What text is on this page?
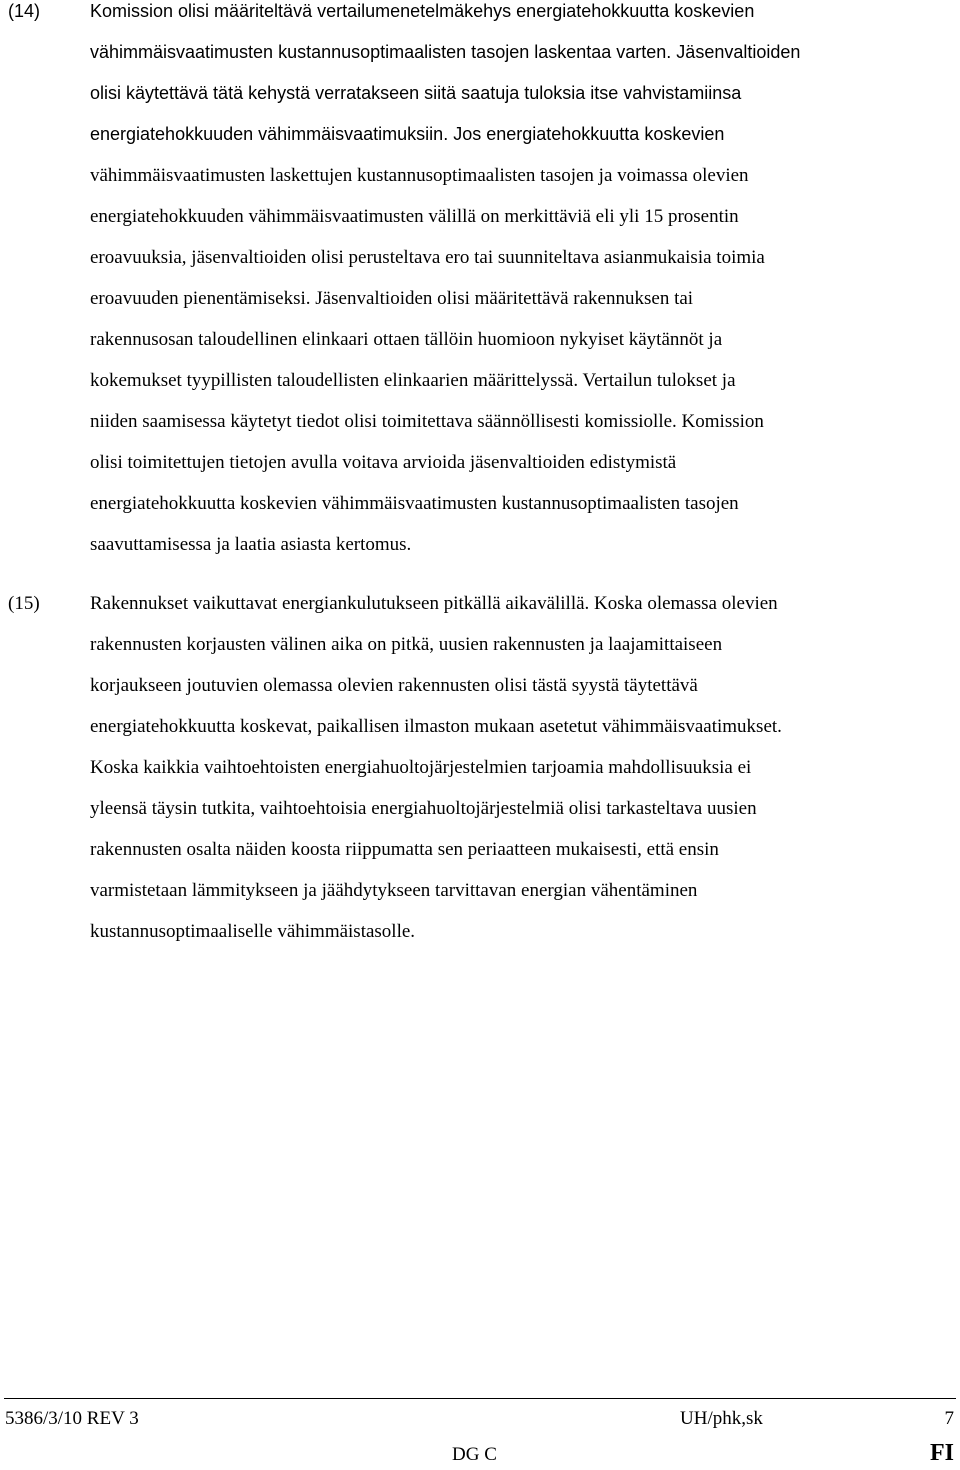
(14)	Komission olisi määriteltävä vertailumenetelmäkehys energiatehokkuutta koskevien
vähimmäisvaatimusten kustannusoptimaalisten tasojen laskentaa varten. Jäsenvaltioiden
olisi käytettävä tätä kehystä verratakseen siitä saatuja tuloksia itse vahvistamiinsa
energiatehokkuuden vähimmäisvaatimuksiin. Jos energiatehokkuutta koskevien
vähimmäisvaatimusten laskettujen kustannusoptimaalisten tasojen ja voimassa olevien
energiatehokkuuden vähimmäisvaatimusten välillä on merkittäviä eli yli 15 prosentin
eroavuuksia, jäsenvaltioiden olisi perusteltava ero tai suunniteltava asianmukaisia toimia
eroavuuden pienentämiseksi. Jäsenvaltioiden olisi määritettävä rakennuksen tai
rakennusosan taloudellinen elinkaari ottaen tällöin huomioon nykyiset käytännöt ja
kokemukset tyypillisten taloudellisten elinkaarien määrittelyssä. Vertailun tulokset ja
niiden saamisessa käytetyt tiedot olisi toimitettava säännöllisesti komissiolle. Komission
olisi toimitettujen tietojen avulla voitava arvioida jäsenvaltioiden edistymistä
energiatehokkuutta koskevien vähimmäisvaatimusten kustannusoptimaalisten tasojen
saavuttamisessa ja laatia asiasta kertomus.
(15)	Rakennukset vaikuttavat energiankulutukseen pitkällä aikavälillä. Koska olemassa olevien
rakennusten korjausten välinen aika on pitkä, uusien rakennusten ja laajamittaiseen
korjaukseen joutuvien olemassa olevien rakennusten olisi tästä syystä täytettävä
energiatehokkuutta koskevat, paikallisen ilmaston mukaan asetetut vähimmäisvaatimukset.
Koska kaikkia vaihtoehtoisten energiahuoltojärjestelmien tarjoamia mahdollisuuksia ei
yleensä täysin tutkita, vaihtoehtoisia energiahuoltojärjestelmiä olisi tarkasteltava uusien
rakennusten osalta näiden koosta riippumatta sen periaatteen mukaisesti, että ensin
varmistetaan lämmitykseen ja jäähdytykseen tarvittavan energian vähentäminen
kustannusoptimaaliselle vähimmäistasolle.
5386/3/10 REV 3	UH/phk,sk	7
DG C	FI
